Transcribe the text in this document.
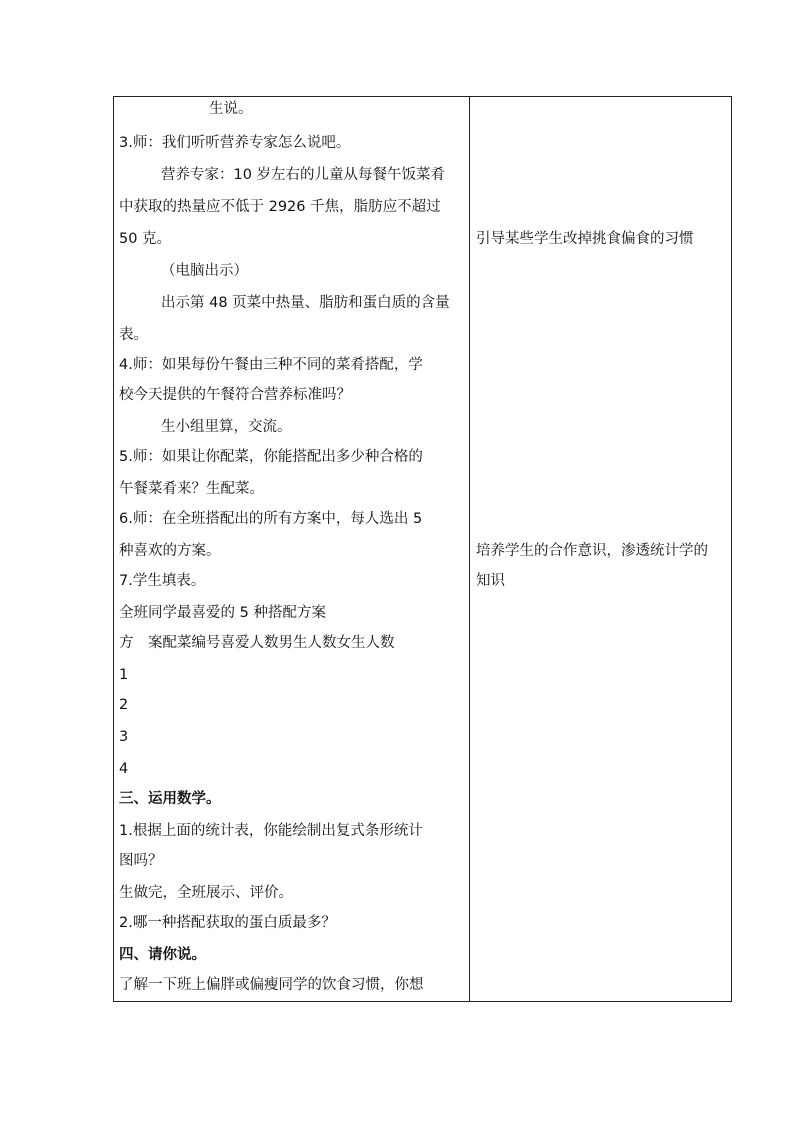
生说。
3.师：我们听听营养专家怎么说吧。
营养专家：10 岁左右的儿童从每餐午饭菜肴
中获取的热量应不低于 2926 千焦，脂肪应不超过
50 克。
（电脑出示）
出示第 48 页菜中热量、脂肪和蛋白质的含量
表。
4.师：如果每份午餐由三种不同的菜肴搭配，学
校今天提供的午餐符合营养标准吗？
生小组里算，交流。
5.师：如果让你配菜，你能搭配出多少种合格的
午餐菜肴来？生配菜。
6.师：在全班搭配出的所有方案中，每人选出 5
种喜欢的方案。
7.学生填表。
全班同学最喜爱的 5 种搭配方案
方　案配菜编号喜爱人数男生人数女生人数
1
2
3
4
三、运用数学。
1.根据上面的统计表，你能绘制出复式条形统计
图吗？
生做完，全班展示、评价。
2.哪一种搭配获取的蛋白质最多？
四、请你说。
了解一下班上偏胖或偏瘦同学的饮食习惯，你想
引导某些学生改掉挑食偏食的习惯
培养学生的合作意识，渗透统计学的
知识
